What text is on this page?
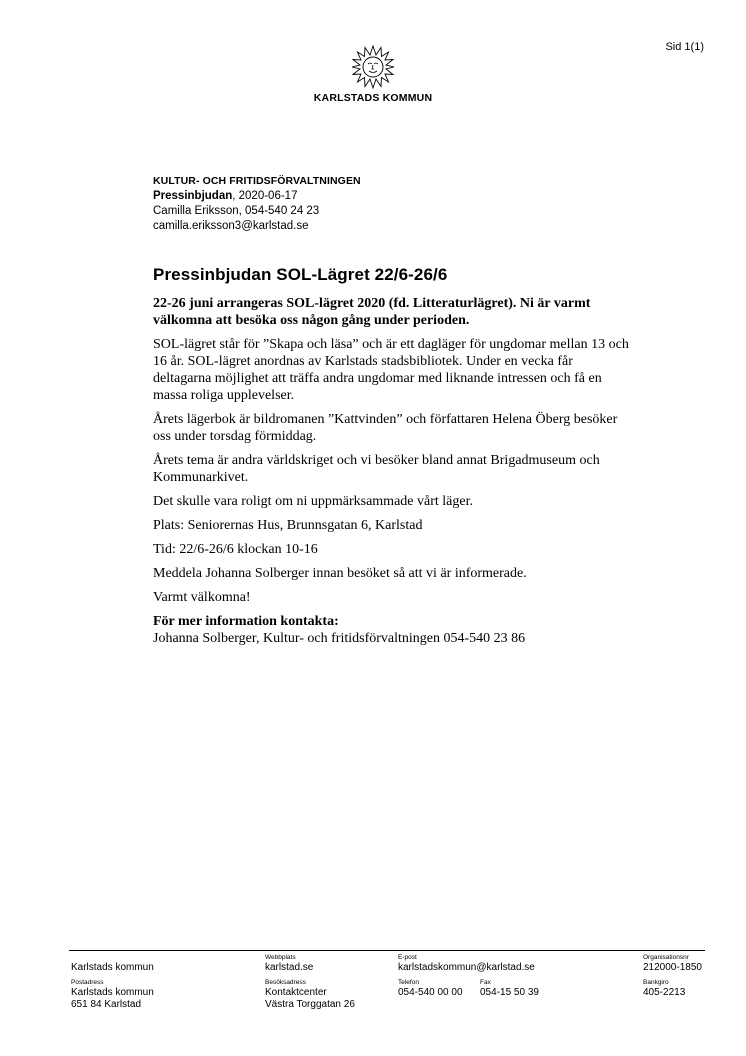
Sid 1(1)
KARLSTADS KOMMUN
KULTUR- OCH FRITIDSFÖRVALTNINGEN
Pressinbjudan, 2020-06-17
Camilla Eriksson, 054-540 24 23
camilla.eriksson3@karlstad.se
Pressinbjudan SOL-Lägret 22/6-26/6
22-26 juni arrangeras SOL-lägret 2020 (fd. Litteraturlägret). Ni är varmt välkomna att besöka oss någon gång under perioden.
SOL-lägret står för ”Skapa och läsa” och är ett dagläger för ungdomar mellan 13 och 16 år. SOL-lägret anordnas av Karlstads stadsbibliotek. Under en vecka får deltagarna möjlighet att träffa andra ungdomar med liknande intressen och få en massa roliga upplevelser.
Årets lägerbok är bildromanen ”Kattvinden” och författaren Helena Öberg besöker oss under torsdag förmiddag.
Årets tema är andra världskriget och vi besöker bland annat Brigadmuseum och Kommunarkivet.
Det skulle vara roligt om ni uppmärksammade vårt läger.
Plats: Seniorernas Hus, Brunnsgatan 6, Karlstad
Tid: 22/6-26/6 klockan 10-16
Meddela Johanna Solberger innan besöket så att vi är informerade.
Varmt välkomna!
För mer information kontakta:
Johanna Solberger, Kultur- och fritidsförvaltningen 054-540 23 86
Karlstads kommun
Webbplats
karlstad.se
E-post
karlstadskommun@karlstad.se
Organisationsnr
212000-1850
Postadress
Karlstads kommun
651 84 Karlstad
Besöksadress
Kontaktcenter
Västra Torggatan 26
Telefon
054-540 00 00
Fax
054-15 50 39
Bankgiro
405-2213
